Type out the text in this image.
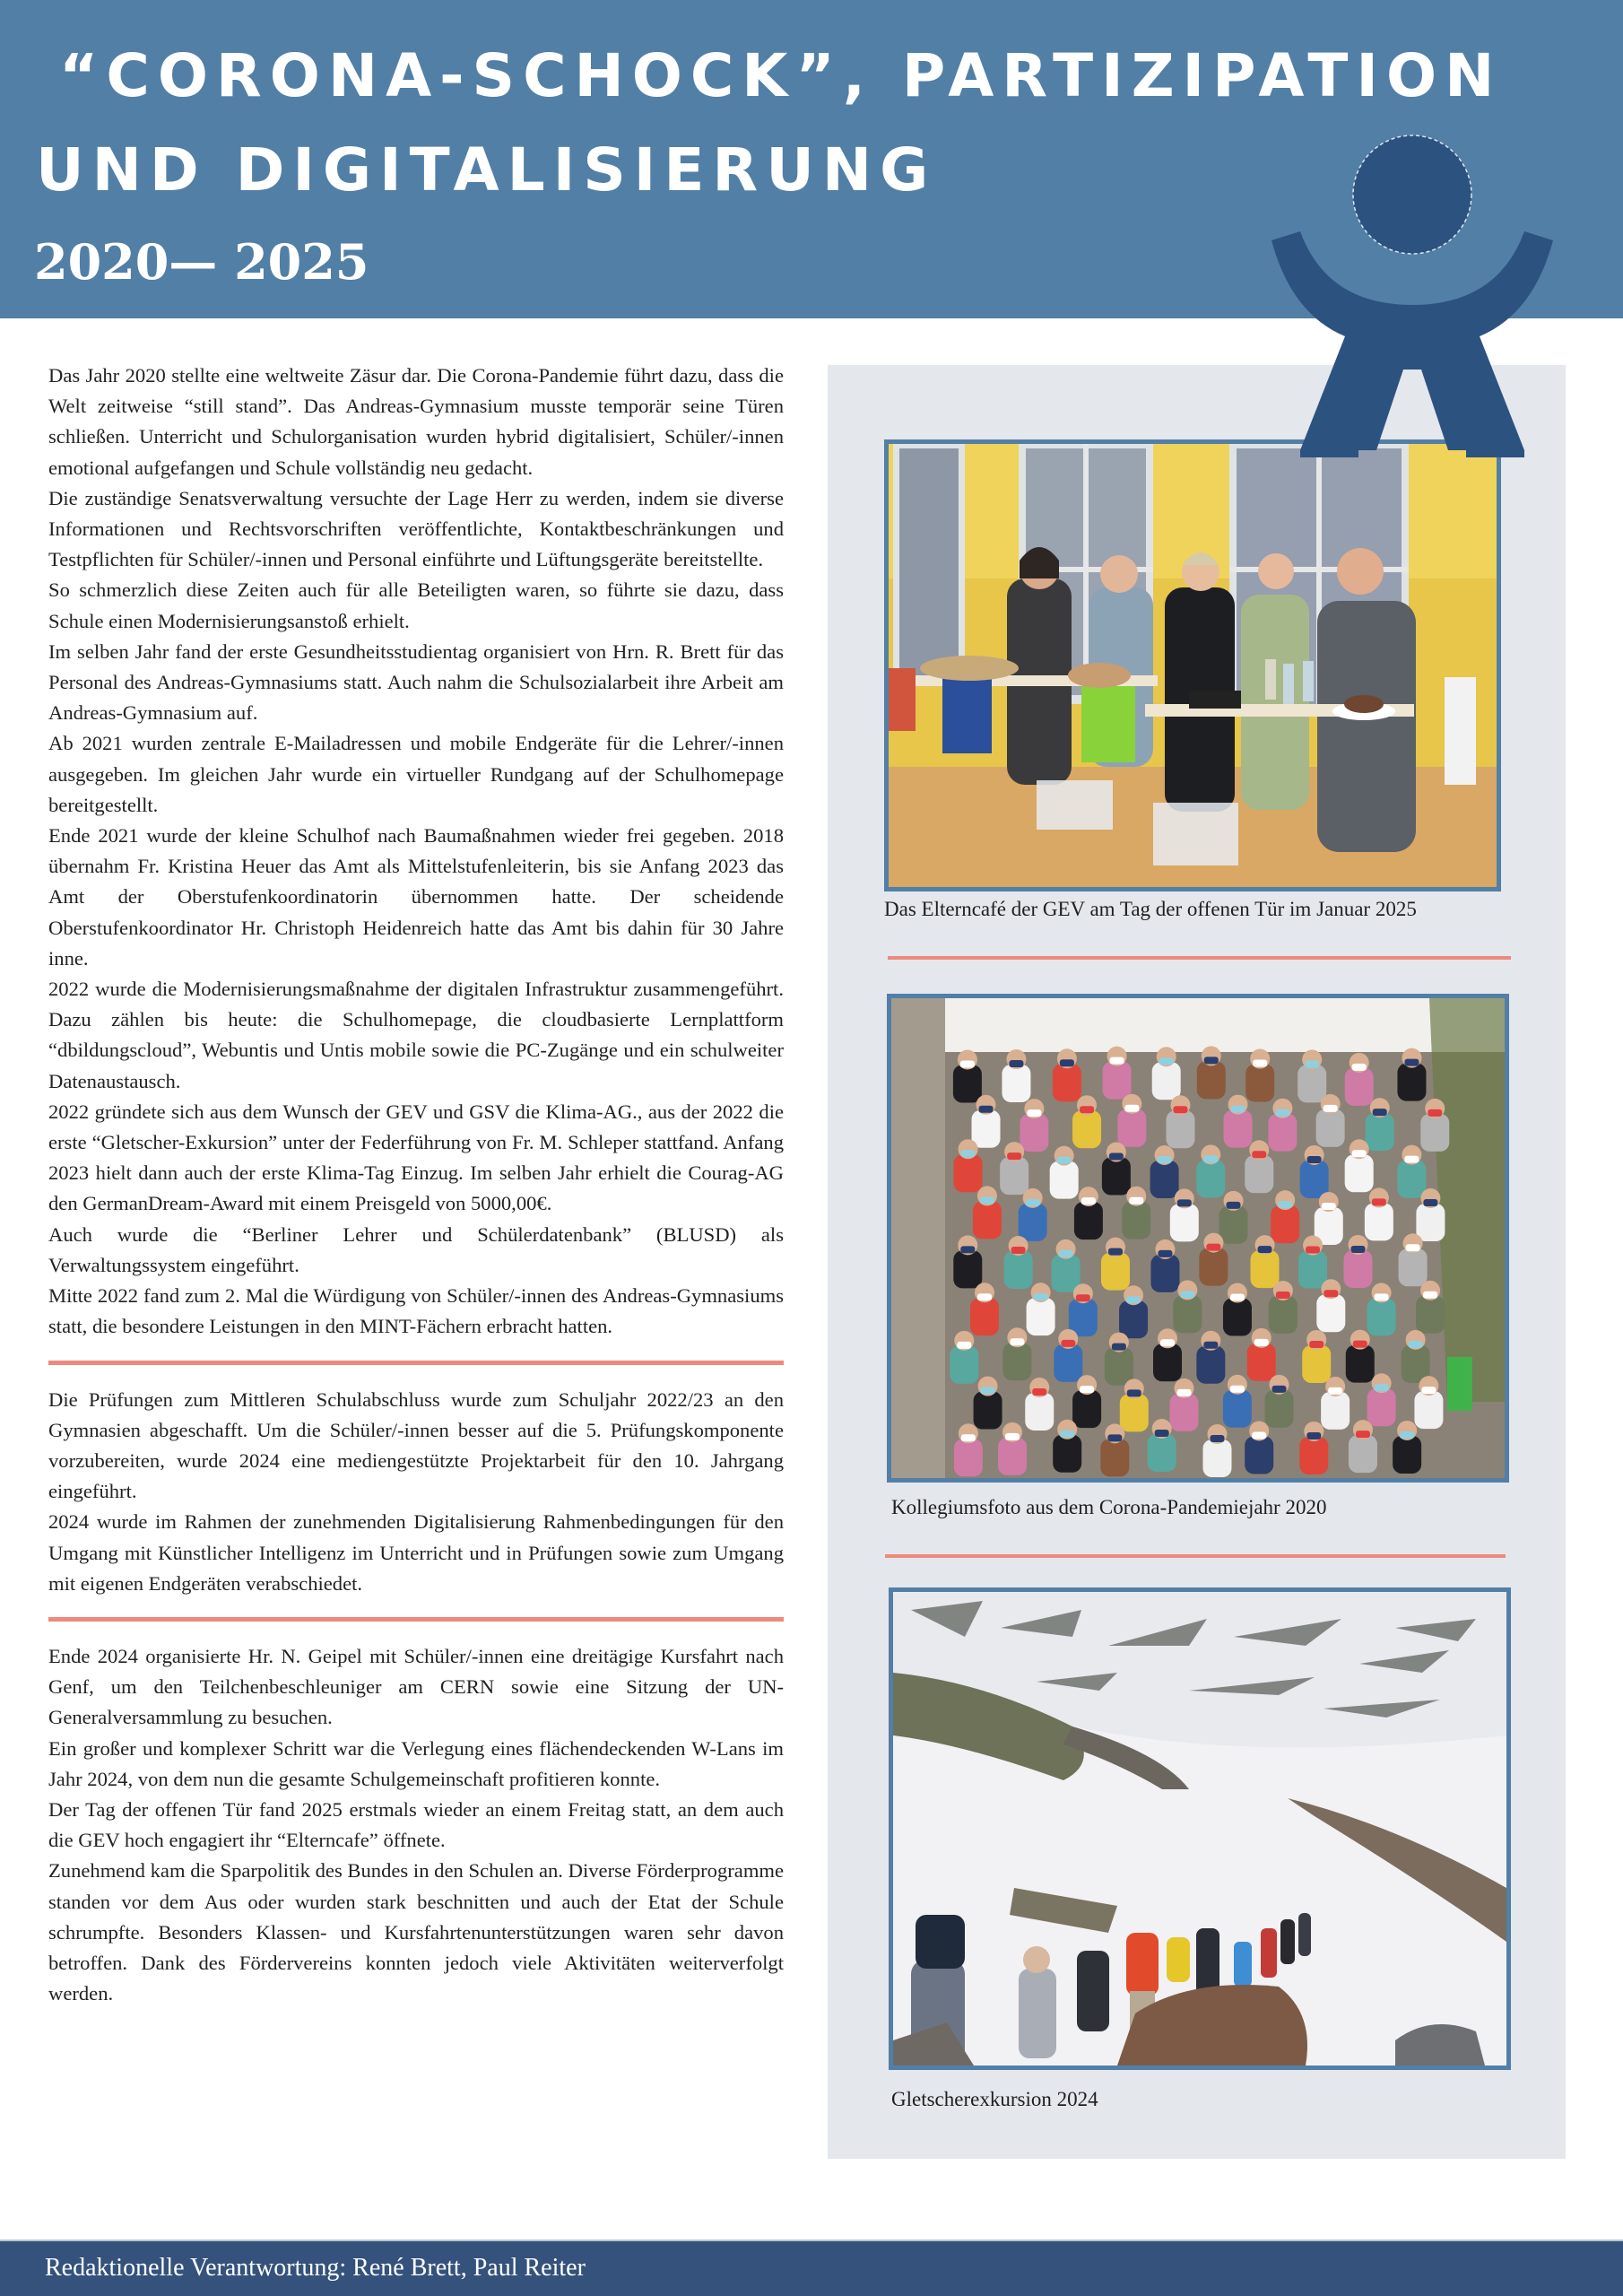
“CORONA-SCHOCK”, PARTIZIPATION
UND DIGITALISIERUNG
2020— 2025

Das Jahr 2020 stellte eine weltweite Zäsur dar. Die Corona-Pandemie führt dazu, dass die Welt zeitweise “still stand”. Das Andreas-Gymnasium musste temporär seine Türen schließen. Unterricht und Schulorganisation wurden hybrid digitalisiert, Schüler/-innen emotional aufgefangen und Schule vollständig neu gedacht.

Die zuständige Senatsverwaltung versuchte der Lage Herr zu werden, indem sie diverse Informationen und Rechtsvorschriften veröffentlichte, Kontaktbeschränkungen und Testpflichten für Schüler/-innen und Personal einführte und Lüftungsgeräte bereitstellte.

So schmerzlich diese Zeiten auch für alle Beteiligten waren, so führte sie dazu, dass Schule einen Modernisierungsanstoß erhielt.

Im selben Jahr fand der erste Gesundheitsstudientag organisiert von Hrn. R. Brett für das Personal des Andreas-Gymnasiums statt. Auch nahm die Schulsozialarbeit ihre Arbeit am Andreas-Gymnasium auf.

Ab 2021 wurden zentrale E-Mailadressen und mobile Endgeräte für die Lehrer/-innen ausgegeben. Im gleichen Jahr wurde ein virtueller Rundgang auf der Schulhomepage bereitgestellt.

Ende 2021 wurde der kleine Schulhof nach Baumaßnahmen wieder frei gegeben. 2018 übernahm Fr. Kristina Heuer das Amt als Mittelstufenleiterin, bis sie Anfang 2023 das Amt der Oberstufenkoordinatorin übernommen hatte. Der scheidende Oberstufenkoordinator Hr. Christoph Heidenreich hatte das Amt bis dahin für 30 Jahre inne.

2022 wurde die Modernisierungsmaßnahme der digitalen Infrastruktur zusammengeführt. Dazu zählen bis heute: die Schulhomepage, die cloudbasierte Lernplattform “dbildungscloud”, Webuntis und Untis mobile sowie die PC-Zugänge und ein schulweiter Datenaustausch.

2022 gründete sich aus dem Wunsch der GEV und GSV die Klima-AG., aus der 2022 die erste “Gletscher-Exkursion” unter der Federführung von Fr. M. Schleper stattfand. Anfang 2023 hielt dann auch der erste Klima-Tag Einzug. Im selben Jahr erhielt die Courag-AG den GermanDream-Award mit einem Preisgeld von 5000,00€.

Auch wurde die “Berliner Lehrer und Schülerdatenbank” (BLUSD) als Verwaltungssystem eingeführt.

Mitte 2022 fand zum 2. Mal die Würdigung von Schüler/-innen des Andreas-Gymnasiums statt, die besondere Leistungen in den MINT-Fächern erbracht hatten.

Die Prüfungen zum Mittleren Schulabschluss wurde zum Schuljahr 2022/23 an den Gymnasien abgeschafft. Um die Schüler/-innen besser auf die 5. Prüfungskomponente vorzubereiten, wurde 2024 eine mediengestützte Projektarbeit für den 10. Jahrgang eingeführt.

2024 wurde im Rahmen der zunehmenden Digitalisierung Rahmenbedingungen für den Umgang mit Künstlicher Intelligenz im Unterricht und in Prüfungen sowie zum Umgang mit eigenen Endgeräten verabschiedet.

Ende 2024 organisierte Hr. N. Geipel mit Schüler/-innen eine dreitägige Kursfahrt nach Genf, um den Teilchenbeschleuniger am CERN sowie eine Sitzung der UN-Generalversammlung zu besuchen.

Ein großer und komplexer Schritt war die Verlegung eines flächendeckenden W-Lans im Jahr 2024, von dem nun die gesamte Schulgemeinschaft profitieren konnte.

Der Tag der offenen Tür fand 2025 erstmals wieder an einem Freitag statt, an dem auch die GEV hoch engagiert ihr “Elterncafe” öffnete.

Zunehmend kam die Sparpolitik des Bundes in den Schulen an. Diverse Förderprogramme standen vor dem Aus oder wurden stark beschnitten und auch der Etat der Schule schrumpfte. Besonders Klassen- und Kursfahrtenunterstützungen waren sehr davon betroffen. Dank des Fördervereins konnten jedoch viele Aktivitäten weiterverfolgt werden.

Das Elterncafé der GEV am Tag der offenen Tür im Januar 2025
Kollegiumsfoto aus dem Corona-Pandemiejahr 2020
Gletscherexkursion 2024
Redaktionelle Verantwortung: René Brett, Paul Reiter
